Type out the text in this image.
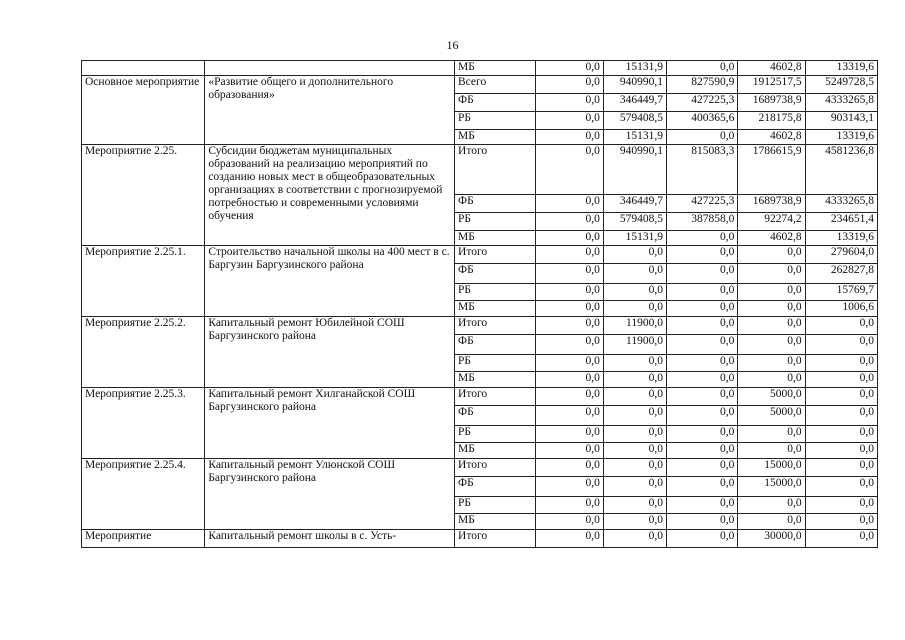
16
		МБ	0,0	15131,9	0,0	4602,8	13319,6
Основное мероприятие	«Развитие общего и дополнительного образования»	Всего	0,0	940990,1	827590,9	1912517,5	5249728,5
		ФБ	0,0	346449,7	427225,3	1689738,9	4333265,8
		РБ	0,0	579408,5	400365,6	218175,8	903143,1
		МБ	0,0	15131,9	0,0	4602,8	13319,6
Мероприятие 2.25.	Субсидии бюджетам муниципальных образований на реализацию мероприятий по созданию новых мест в общеобразовательных организациях в соответствии с прогнозируемой потребностью и современными условиями обучения	Итого	0,0	940990,1	815083,3	1786615,9	4581236,8
		ФБ	0,0	346449,7	427225,3	1689738,9	4333265,8
		РБ	0,0	579408,5	387858,0	92274,2	234651,4
		МБ	0,0	15131,9	0,0	4602,8	13319,6
Мероприятие 2.25.1.	Строительство начальной школы на 400 мест в с. Баргузин Баргузинского района	Итого	0,0	0,0	0,0	0,0	279604,0
		ФБ	0,0	0,0	0,0	0,0	262827,8
		РБ	0,0	0,0	0,0	0,0	15769,7
		МБ	0,0	0,0	0,0	0,0	1006,6
Мероприятие 2.25.2.	Капитальный ремонт Юбилейной СОШ Баргузинского района	Итого	0,0	11900,0	0,0	0,0	0,0
		ФБ	0,0	11900,0	0,0	0,0	0,0
		РБ	0,0	0,0	0,0	0,0	0,0
		МБ	0,0	0,0	0,0	0,0	0,0
Мероприятие 2.25.3.	Капитальный ремонт Хилганайской СОШ Баргузинского района	Итого	0,0	0,0	0,0	5000,0	0,0
		ФБ	0,0	0,0	0,0	5000,0	0,0
		РБ	0,0	0,0	0,0	0,0	0,0
		МБ	0,0	0,0	0,0	0,0	0,0
Мероприятие 2.25.4.	Капитальный ремонт Улюнской СОШ Баргузинского района	Итого	0,0	0,0	0,0	15000,0	0,0
		ФБ	0,0	0,0	0,0	15000,0	0,0
		РБ	0,0	0,0	0,0	0,0	0,0
		МБ	0,0	0,0	0,0	0,0	0,0
Мероприятие	Капитальный ремонт школы в с. Усть-	Итого	0,0	0,0	0,0	30000,0	0,0
